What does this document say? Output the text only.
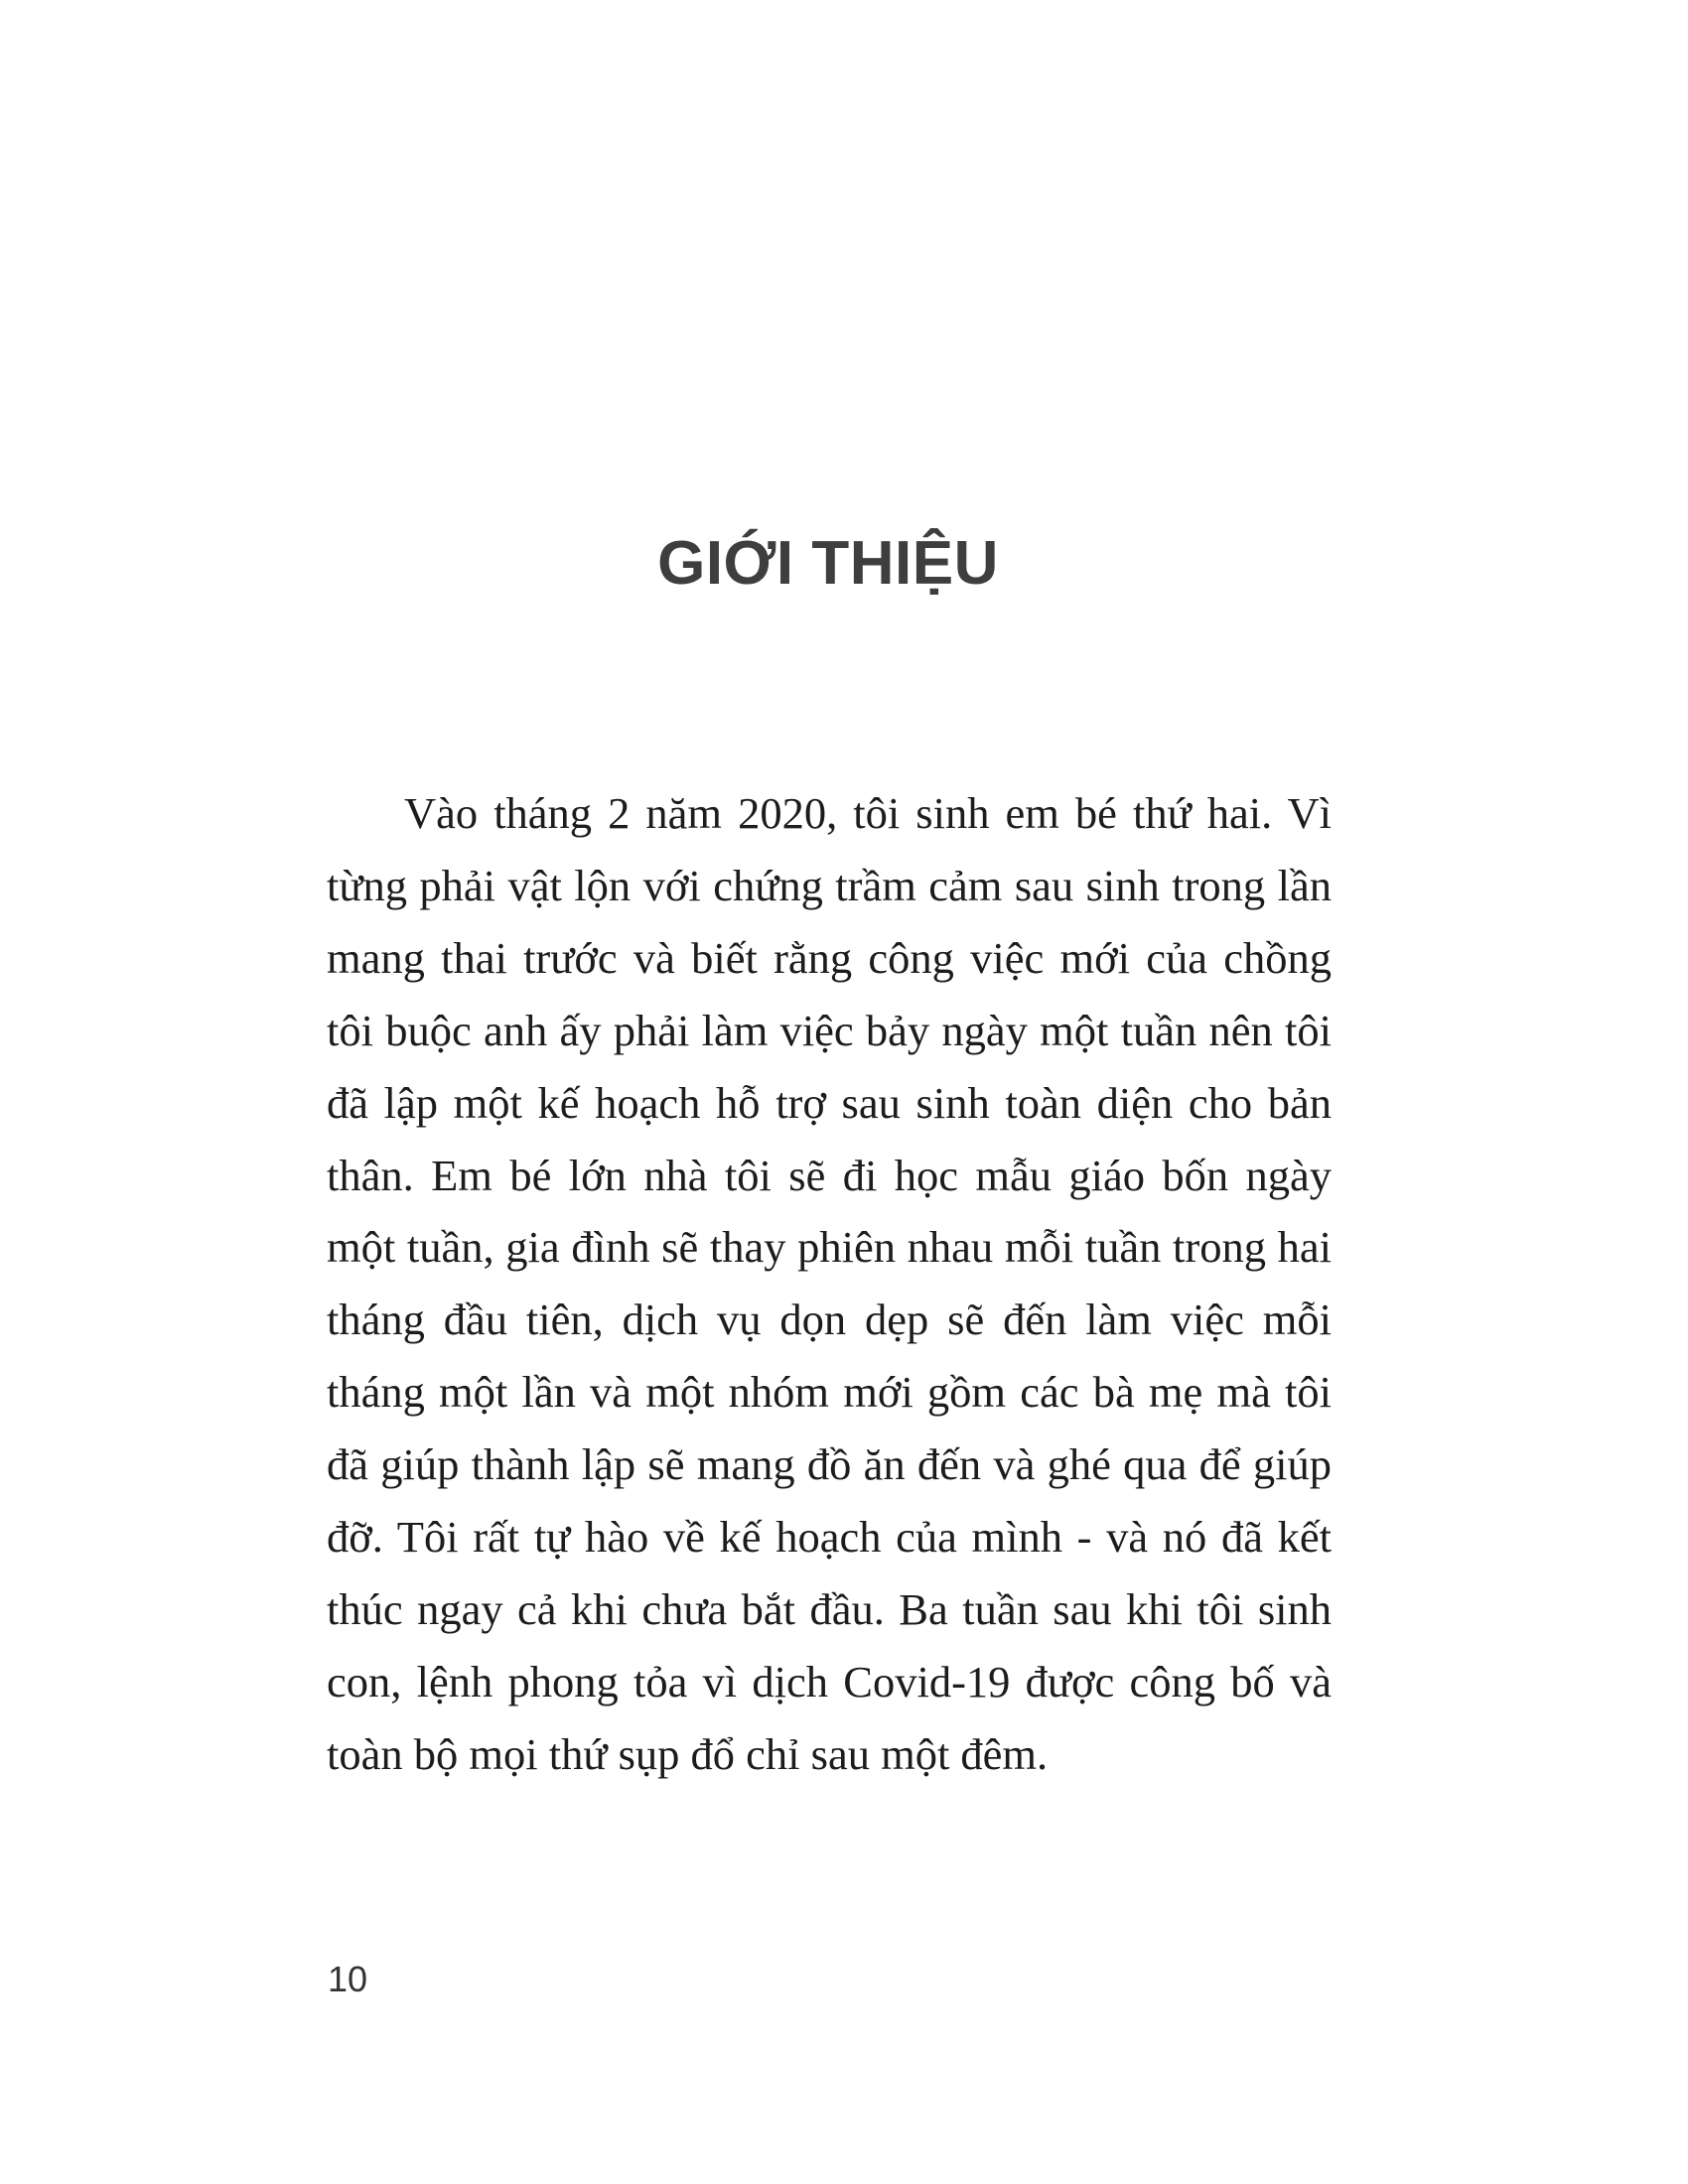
GIỚI THIỆU

Vào tháng 2 năm 2020, tôi sinh em bé thứ hai. Vì từng phải vật lộn với chứng trầm cảm sau sinh trong lần mang thai trước và biết rằng công việc mới của chồng tôi buộc anh ấy phải làm việc bảy ngày một tuần nên tôi đã lập một kế hoạch hỗ trợ sau sinh toàn diện cho bản thân. Em bé lớn nhà tôi sẽ đi học mẫu giáo bốn ngày một tuần, gia đình sẽ thay phiên nhau mỗi tuần trong hai tháng đầu tiên, dịch vụ dọn dẹp sẽ đến làm việc mỗi tháng một lần và một nhóm mới gồm các bà mẹ mà tôi đã giúp thành lập sẽ mang đồ ăn đến và ghé qua để giúp đỡ. Tôi rất tự hào về kế hoạch của mình - và nó đã kết thúc ngay cả khi chưa bắt đầu. Ba tuần sau khi tôi sinh con, lệnh phong tỏa vì dịch Covid-19 được công bố và toàn bộ mọi thứ sụp đổ chỉ sau một đêm.

10
